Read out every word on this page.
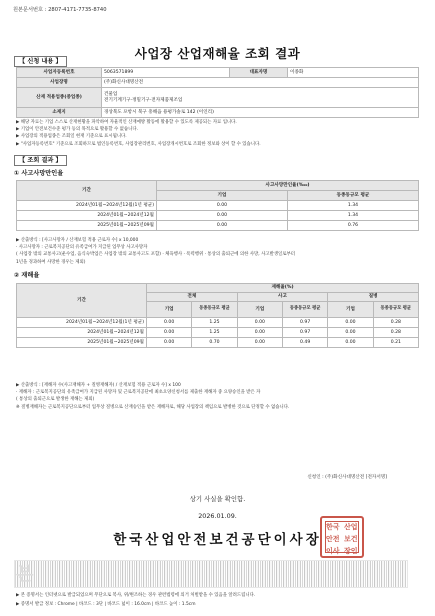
원본문서번호 : 2807-4171-7735-8740
사업장 산업재해율 조회 결과
【 신청 내용 】
사업자등록번호	5063571899	대표자명	이종화
사업장명	(주)화신사대명산전		
산재 적용업종(중업종)	건물업
전기기계기구·정밀기구·전자제품제조업		
소재지	경상북도 포항시 북구 흥해읍 용평가솔로 142 (이인리)		
▶ 해당 자료는 기업 스스로 산재현황을 파악하여 자율적인 산재예방 활동에 활용할 수 있도록 제공되는 자료 입니다.
▶ 기업이 안전보건수준 평가 등의 목적으로 활용할 수 없습니다.
▶ 사업장의 적용업종은 조회일 현재 기준으로 표시됩니다.
▶ "사업자등록번호" 기준으로 조회하므로 법인등록번호, 사업장관리번호, 사업장개시번호로 조회한 정보와 상이 할 수 있습니다.
【 조회 결과 】
① 사고사망만인율
기간	사고사망만인율(‱)	
	기업	동종동규모 평균
2024년01월~2024년12월(1년 평균)	0.00	1.34
2024년01월~2024년12월	0.00	1.34
2025년01월~2025년09월	0.00	0.76
▶ 산출방식 : [사고사망자 / 산재보험 적용 근로자 수] x 10,000
· 사고사망자 : 근로복지공단의 유족급여가 지급된 업무상 사고사망자
( 사업장 밖의 교통사고(운수업, 음식숙박업은 사업장 밖의 교통사고도 포함) · 체육행사 · 폭력행위 · 통상의 출퇴근에 의한 사망, 사고발생일로부터
1년을 경과하여 사망한 경우는 제외)
② 재해율
기간	재해율(%)					
	전체		사고		질병	
	기업	동종동규모 평균	기업	동종동규모 평균	기업	동종동규모 평균
2024년01월~2024년12월(1년 평균)	0.00	1.25	0.00	0.97	0.00	0.28
2024년01월~2024년12월	0.00	1.25	0.00	0.97	0.00	0.28
2025년01월~2025년09월	0.00	0.70	0.00	0.49	0.00	0.21
▶ 산출방식 : [재해자 수(사고재해자 + 질병재해자) / 산재보험 적용 근로자 수] x 100
· 재해자 : 근로복지공단의 유족급여가 지급된 사망자 및 근로복지공단에 최초요양신청서를 제출한 재해자 중 요양승인을 받은 자
( 통상의 출퇴근으로 발생한 재해는 제외)
※ 질병재해자는 근로복지공단으로부터 업무상 질병으로 산재승인을 받은 재해자로, 해당 사업장의 책임으로 발병한 것으로 단정할 수 없습니다.
신청인 : (주)화신사대명산전 [전자서명]
상기 사실을 확인함.
2026.01.09.
한국산업안전보건공단이사장
한국 산업
안전 보건
이사 장인
본
▶ 본 증명서는 인터넷으로 발급되었으며 무단으로 복사, 위/변조하는 경우 관련법령에 의거 처벌받을 수 있음을 알려드립니다.
▶ 증명서 발급 정보 : Chrome | 바코드 : 3단 | 바코드 넓이 : 16.0cm | 바코드 높이 : 1.5cm
